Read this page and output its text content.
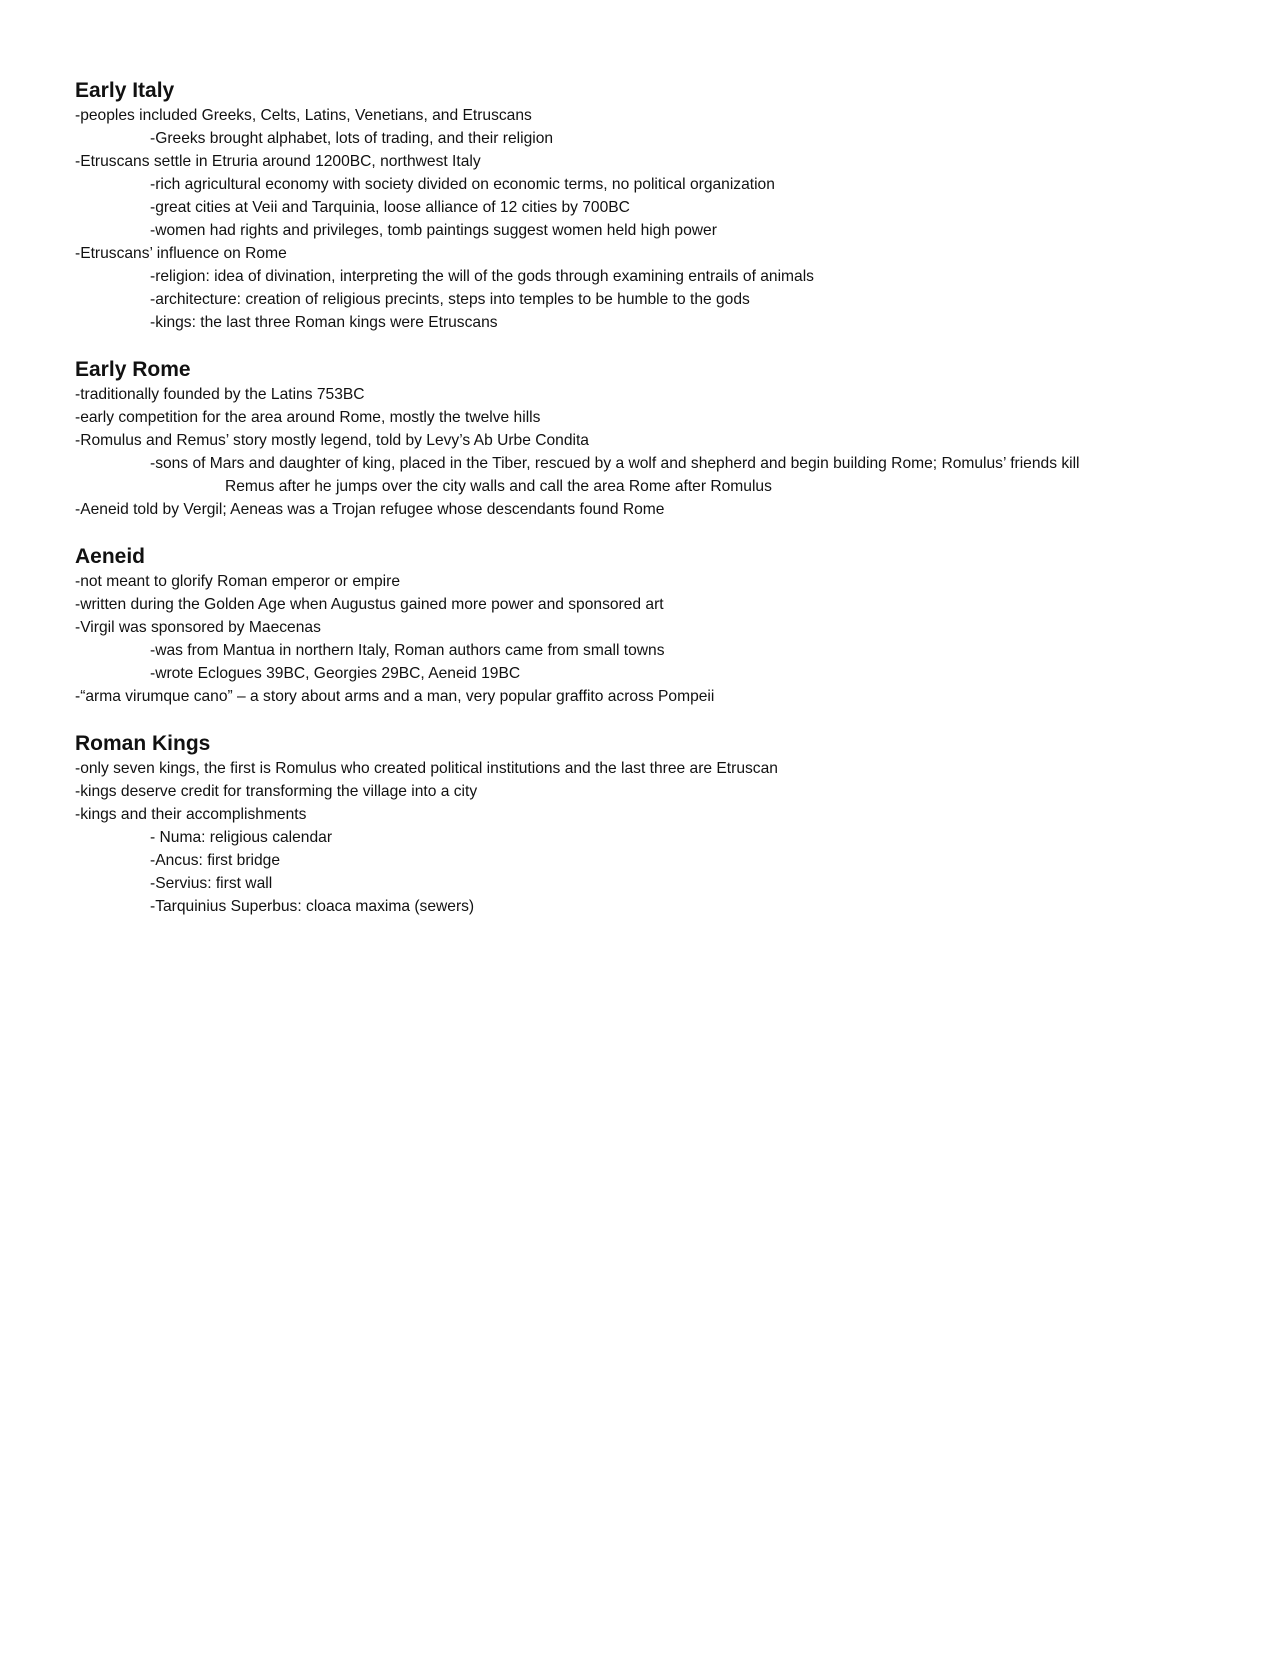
Early Italy

-peoples included Greeks, Celts, Latins, Venetians, and Etruscans

-Greeks brought alphabet, lots of trading, and their religion

-Etruscans settle in Etruria around 1200BC, northwest Italy

-rich agricultural economy with society divided on economic terms, no political organization

-great cities at Veii and Tarquinia, loose alliance of 12 cities by 700BC

-women had rights and privileges, tomb paintings suggest women held high power

-Etruscans’ influence on Rome

-religion: idea of divination, interpreting the will of the gods through examining entrails of animals

-architecture: creation of religious precints, steps into temples to be humble to the gods

-kings: the last three Roman kings were Etruscans

Early Rome

-traditionally founded by the Latins 753BC

-early competition for the area around Rome, mostly the twelve hills

-Romulus and Remus’ story mostly legend, told by Levy’s Ab Urbe Condita

-sons of Mars and daughter of king, placed in the Tiber, rescued by a wolf and shepherd and begin building Rome; Romulus’ friends kill

Remus after he jumps over the city walls and call the area Rome after Romulus

-Aeneid told by Vergil; Aeneas was a Trojan refugee whose descendants found Rome

Aeneid

-not meant to glorify Roman emperor or empire

-written during the Golden Age when Augustus gained more power and sponsored art

-Virgil was sponsored by Maecenas

-was from Mantua in northern Italy, Roman authors came from small towns

-wrote Eclogues 39BC, Georgies 29BC, Aeneid 19BC

-“arma virumque cano” – a story about arms and a man, very popular graffito across Pompeii

Roman Kings

-only seven kings, the first is Romulus who created political institutions and the last three are Etruscan

-kings deserve credit for transforming the village into a city

-kings and their accomplishments

- Numa: religious calendar

-Ancus: first bridge

-Servius: first wall

-Tarquinius Superbus: cloaca maxima (sewers)
